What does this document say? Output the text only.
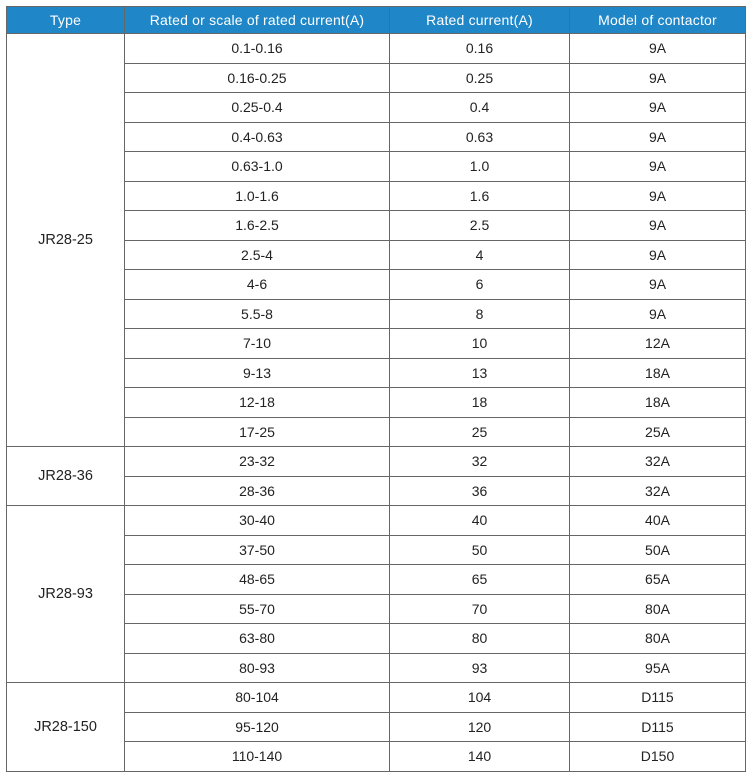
Type	Rated or scale of rated current(A)	Rated current(A)	Model of contactor
JR28-25	0.1-0.16	0.16	9A
	0.16-0.25	0.25	9A
	0.25-0.4	0.4	9A
	0.4-0.63	0.63	9A
	0.63-1.0	1.0	9A
	1.0-1.6	1.6	9A
	1.6-2.5	2.5	9A
	2.5-4	4	9A
	4-6	6	9A
	5.5-8	8	9A
	7-10	10	12A
	9-13	13	18A
	12-18	18	18A
	17-25	25	25A
JR28-36	23-32	32	32A
	28-36	36	32A
JR28-93	30-40	40	40A
	37-50	50	50A
	48-65	65	65A
	55-70	70	80A
	63-80	80	80A
	80-93	93	95A
JR28-150	80-104	104	D115
	95-120	120	D115
	110-140	140	D150
